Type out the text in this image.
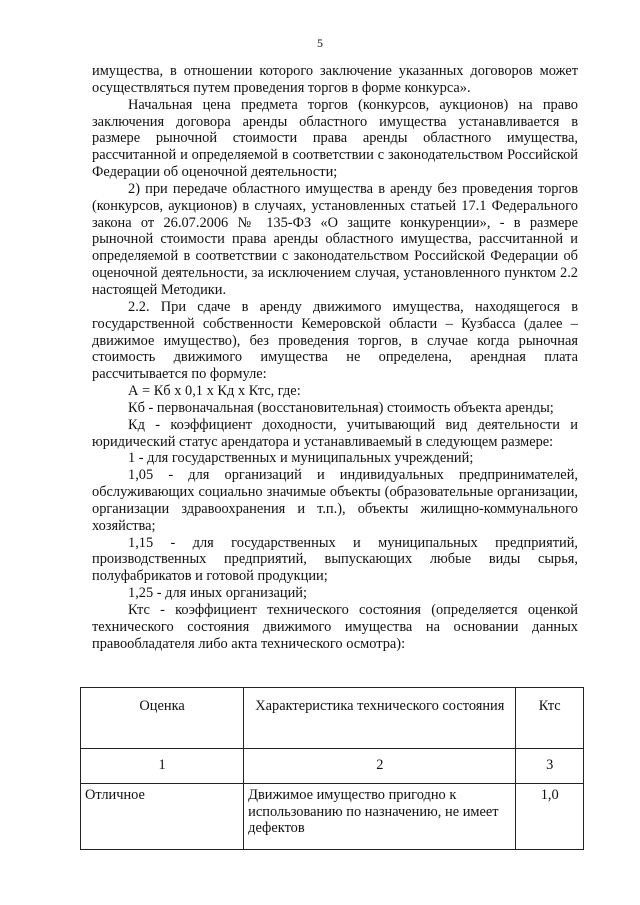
5

имущества, в отношении которого заключение указанных договоров может осуществляться путем проведения торгов в форме конкурса».

Начальная цена предмета торгов (конкурсов, аукционов) на право заключения договора аренды областного имущества устанавливается в размере рыночной стоимости права аренды областного имущества, рассчитанной и определяемой в соответствии с законодательством Российской Федерации об оценочной деятельности;

2) при передаче областного имущества в аренду без проведения торгов (конкурсов, аукционов) в случаях, установленных статьей 17.1 Федерального закона от 26.07.2006 № 135-ФЗ «О защите конкуренции», - в размере рыночной стоимости права аренды областного имущества, рассчитанной и определяемой в соответствии с законодательством Российской Федерации об оценочной деятельности, за исключением случая, установленного пунктом 2.2 настоящей Методики.

2.2. При сдаче в аренду движимого имущества, находящегося в государственной собственности Кемеровской области – Кузбасса (далее – движимое имущество), без проведения торгов, в случае когда рыночная стоимость движимого имущества не определена, арендная плата рассчитывается по формуле:

А = Кб x 0,1 x Кд x Ктс, где:

Кб - первоначальная (восстановительная) стоимость объекта аренды;

Кд - коэффициент доходности, учитывающий вид деятельности и юридический статус арендатора и устанавливаемый в следующем размере:

1 - для государственных и муниципальных учреждений;

1,05 - для организаций и индивидуальных предпринимателей, обслуживающих социально значимые объекты (образовательные организации, организации здравоохранения и т.п.), объекты жилищно-коммунального хозяйства;

1,15 - для государственных и муниципальных предприятий, производственных предприятий, выпускающих любые виды сырья, полуфабрикатов и готовой продукции;

1,25 - для иных организаций;

Ктс - коэффициент технического состояния (определяется оценкой технического состояния движимого имущества на основании данных правообладателя либо акта технического осмотра):

Оценка	Характеристика технического состояния	Ктс
1	2	3
Отличное	Движимое имущество пригодно к использованию по назначению, не имеет дефектов	1,0
